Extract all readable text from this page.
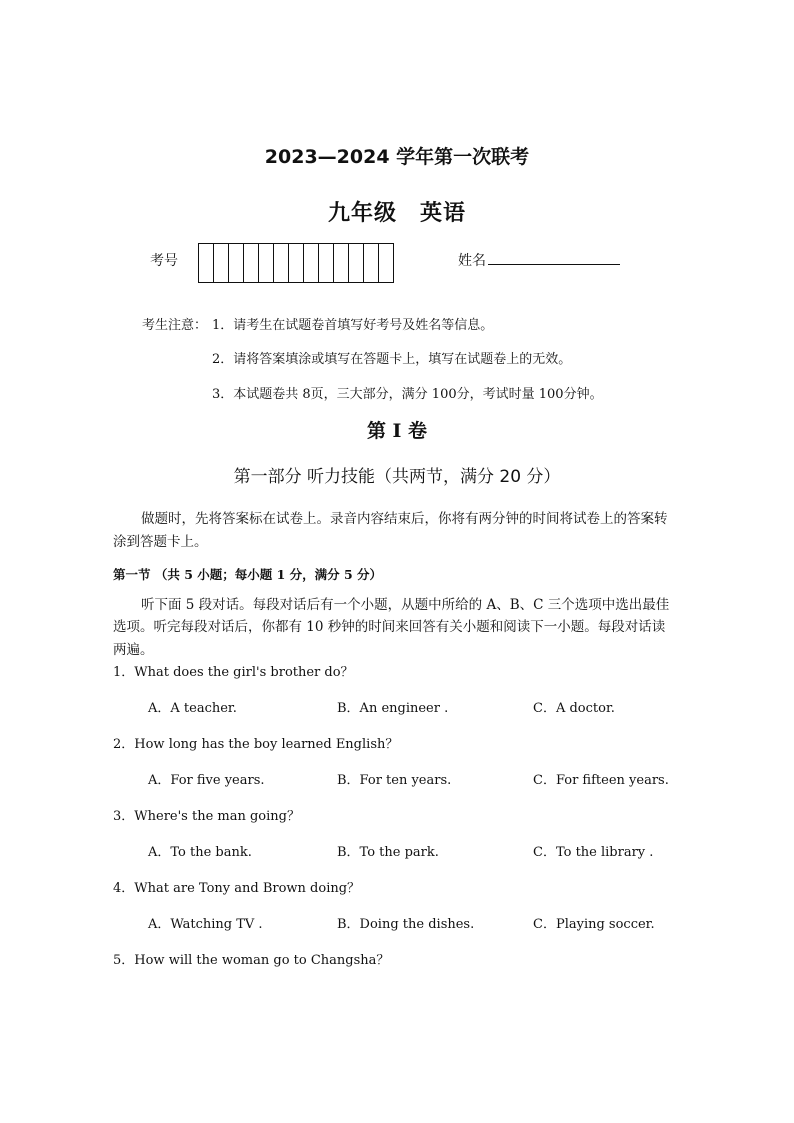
2023—2024 学年第一次联考
九年级　英语
考号	姓名
考生注意： 1．请考生在试题卷首填写好考号及姓名等信息。
2．请将答案填涂或填写在答题卡上，填写在试题卷上的无效。
3．本试题卷共 8页，三大部分，满分 100分，考试时量 100分钟。
第 I 卷
第一部分 听力技能（共两节，满分 20 分）
做题时，先将答案标在试卷上。录音内容结束后，你将有两分钟的时间将试卷上的答案转
涂到答题卡上。
第一节 （共 5 小题；每小题 1 分，满分 5 分）
听下面 5 段对话。每段对话后有一个小题，从题中所给的 A、B、C 三个选项中选出最佳
选项。听完每段对话后，你都有 10 秒钟的时间来回答有关小题和阅读下一小题。每段对话读
两遍。
1．What does the girl's brother do？
A．A teacher.	B．An engineer .	C．A doctor.
2．How long has the boy learned English？
A．For five years.	B．For ten years.	C．For fifteen years.
3．Where's the man going？
A．To the bank.	B．To the park.	C．To the library .
4．What are Tony and Brown doing？
A．Watching TV .	B．Doing the dishes.	C．Playing soccer.
5．How will the woman go to Changsha？
